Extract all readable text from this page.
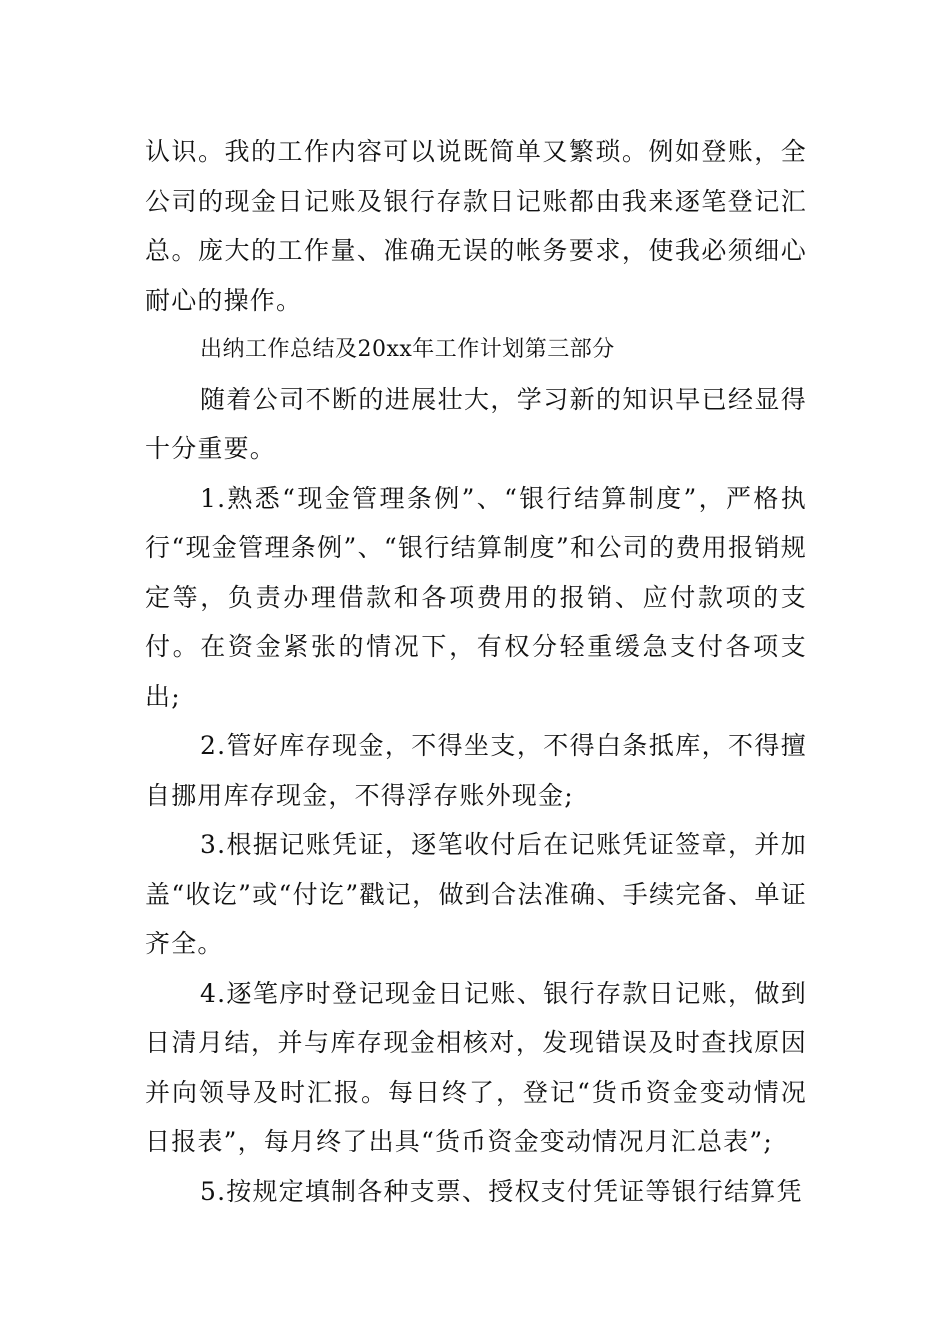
认识。我的工作内容可以说既简单又繁琐。例如登账，全公司的现金日记账及银行存款日记账都由我来逐笔登记汇总。庞大的工作量、准确无误的帐务要求，使我必须细心耐心的操作。

出纳工作总结及20xx年工作计划第三部分

随着公司不断的进展壮大，学习新的知识早已经显得十分重要。

1.熟悉“现金管理条例”、“银行结算制度”，严格执行“现金管理条例”、“银行结算制度”和公司的费用报销规定等，负责办理借款和各项费用的报销、应付款项的支付。在资金紧张的情况下，有权分轻重缓急支付各项支出;

2.管好库存现金，不得坐支，不得白条抵库，不得擅自挪用库存现金，不得浮存账外现金;

3.根据记账凭证，逐笔收付后在记账凭证签章，并加盖“收讫”或“付讫”戳记，做到合法准确、手续完备、单证齐全。

4.逐笔序时登记现金日记账、银行存款日记账，做到日清月结，并与库存现金相核对，发现错误及时查找原因并向领导及时汇报。每日终了，登记“货币资金变动情况日报表”，每月终了出具“货币资金变动情况月汇总表”;

5.按规定填制各种支票、授权支付凭证等银行结算凭
